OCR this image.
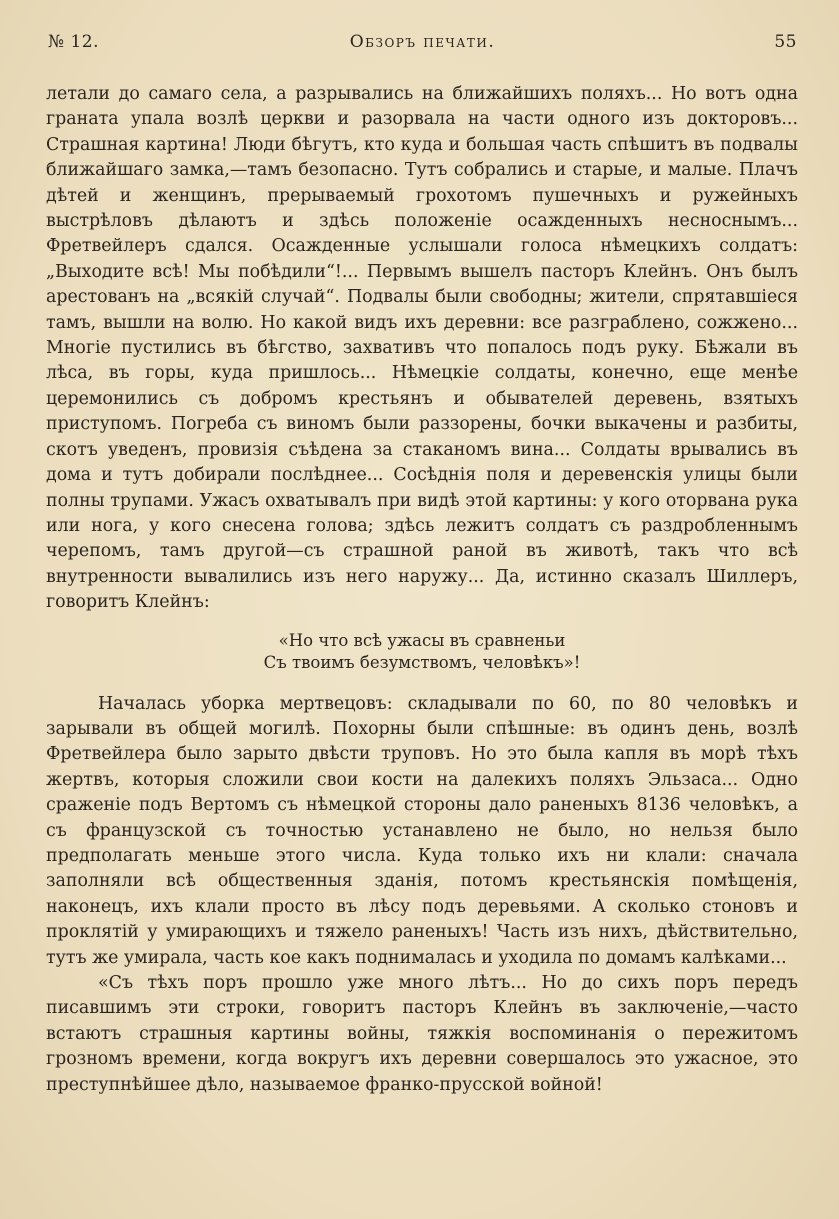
№ 12.	Обзоръ печати.	55

летали до самаго села, а разрывались на ближайшихъ поляхъ... Но вотъ одна граната упала возлѣ церкви и разорвала на части одного изъ докторовъ... Страшная картина! Люди бѣгутъ, кто куда и большая часть спѣшитъ въ подвалы ближайшаго замка,—тамъ безопасно. Тутъ собрались и старые, и малые. Плачъ дѣтей и женщинъ, прерываемый грохотомъ пушечныхъ и ружейныхъ выстрѣловъ дѣлаютъ и здѣсь положеніе осажденныхъ несноснымъ... Фретвейлеръ сдался. Осажденные услышали голоса нѣмецкихъ солдатъ: „Выходите всѣ! Мы побѣдили“!... Первымъ вышелъ пасторъ Клейнъ. Онъ былъ арестованъ на „всякій случай“. Подвалы были свободны; жители, спрятавшіеся тамъ, вышли на волю. Но какой видъ ихъ деревни: все разграблено, сожжено... Многіе пустились въ бѣгство, захвативъ что попалось подъ руку. Бѣжали въ лѣса, въ горы, куда пришлось... Нѣмецкіе солдаты, конечно, еще менѣе церемонились съ добромъ крестьянъ и обывателей деревень, взятыхъ приступомъ. Погреба съ виномъ были раззорены, бочки выкачены и разбиты, скотъ уведенъ, провизія съѣдена за стаканомъ вина... Солдаты врывались въ дома и тутъ добирали послѣднее... Сосѣднія поля и деревенскія улицы были полны трупами. Ужасъ охватывалъ при видѣ этой картины: у кого оторвана рука или нога, у кого снесена голова; здѣсь лежитъ солдатъ съ раздробленнымъ черепомъ, тамъ другой—съ страшной раной въ животѣ, такъ что всѣ внутренности вывалились изъ него наружу... Да, истинно сказалъ Шиллеръ, говоритъ Клейнъ:

«Но что всѣ ужасы въ сравненьи
Съ твоимъ безумствомъ, человѣкъ»!

Началась уборка мертвецовъ: складывали по 60, по 80 человѣкъ и зарывали въ общей могилѣ. Похорны были спѣшные: въ одинъ день, возлѣ Фретвейлера было зарыто двѣсти труповъ. Но это была капля въ морѣ тѣхъ жертвъ, которыя сложили свои кости на далекихъ поляхъ Эльзаса... Одно сраженіе подъ Вертомъ съ нѣмецкой стороны дало раненыхъ 8136 человѣкъ, а съ французской съ точностью устанавлено не было, но нельзя было предполагать меньше этого числа. Куда только ихъ ни клали: сначала заполняли всѣ общественныя зданія, потомъ крестьянскія помѣщенія, наконецъ, ихъ клали просто въ лѣсу подъ деревьями. А сколько стоновъ и проклятій у умирающихъ и тяжело раненыхъ! Часть изъ нихъ, дѣйствительно, тутъ же умирала, часть кое какъ поднималась и уходила по домамъ калѣками...

«Съ тѣхъ поръ прошло уже много лѣтъ... Но до сихъ поръ передъ писавшимъ эти строки, говоритъ пасторъ Клейнъ въ заключеніе,—часто встаютъ страшныя картины войны, тяжкія воспоминанія о пережитомъ грозномъ времени, когда вокругъ ихъ деревни совершалось это ужасное, это преступнѣйшее дѣло, называемое франко-прусской войной!
